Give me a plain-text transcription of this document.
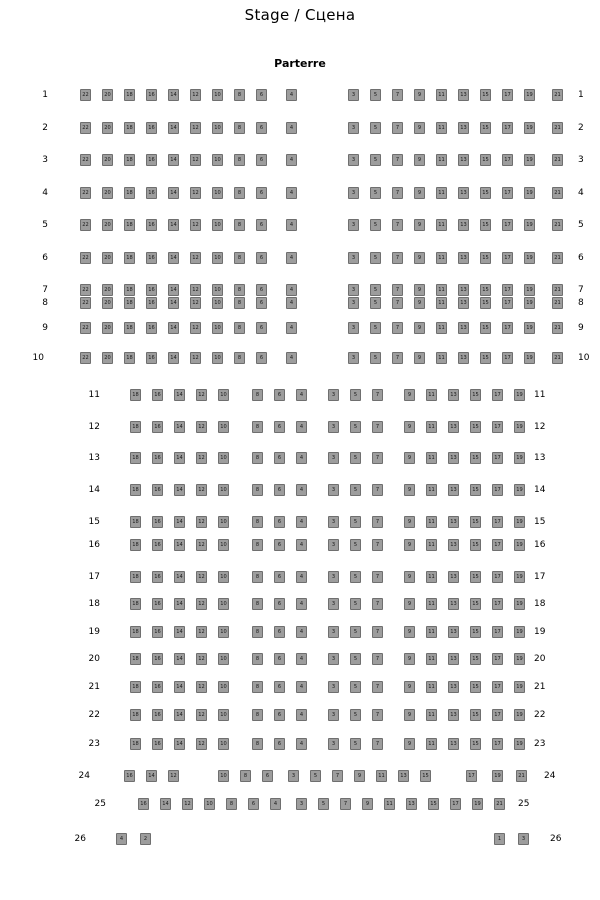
Stage / Сцена
Parterre
1	1
22	20	18	16	14	12	10	8	6	4	3	5	7	9	11	13	15	17	19	21
2	2
22	20	18	16	14	12	10	8	6	4	3	5	7	9	11	13	15	17	19	21
3	3
22	20	18	16	14	12	10	8	6	4	3	5	7	9	11	13	15	17	19	21
4	4
22	20	18	16	14	12	10	8	6	4	3	5	7	9	11	13	15	17	19	21
5	5
22	20	18	16	14	12	10	8	6	4	3	5	7	9	11	13	15	17	19	21
6	6
22	20	18	16	14	12	10	8	6	4	3	5	7	9	11	13	15	17	19	21
7	7
22	20	18	16	14	12	10	8	6	4	3	5	7	9	11	13	15	17	19	21
8	8
22	20	18	16	14	12	10	8	6	4	3	5	7	9	11	13	15	17	19	21
9	9
22	20	18	16	14	12	10	8	6	4	3	5	7	9	11	13	15	17	19	21
10	10
22	20	18	16	14	12	10	8	6	4	3	5	7	9	11	13	15	17	19	21
11	11
18	16	14	12	10	8	6	4	3	5	7	9	11	13	15	17	19
12	12
18	16	14	12	10	8	6	4	3	5	7	9	11	13	15	17	19
13	13
18	16	14	12	10	8	6	4	3	5	7	9	11	13	15	17	19
14	14
18	16	14	12	10	8	6	4	3	5	7	9	11	13	15	17	19
15	15
18	16	14	12	10	8	6	4	3	5	7	9	11	13	15	17	19
16	16
18	16	14	12	10	8	6	4	3	5	7	9	11	13	15	17	19
17	17
18	16	14	12	10	8	6	4	3	5	7	9	11	13	15	17	19
18	18
18	16	14	12	10	8	6	4	3	5	7	9	11	13	15	17	19
19	19
18	16	14	12	10	8	6	4	3	5	7	9	11	13	15	17	19
20	20
18	16	14	12	10	8	6	4	3	5	7	9	11	13	15	17	19
21	21
18	16	14	12	10	8	6	4	3	5	7	9	11	13	15	17	19
22	22
18	16	14	12	10	8	6	4	3	5	7	9	11	13	15	17	19
23	23
18	16	14	12	10	8	6	4	3	5	7	9	11	13	15	17	19
24	24
16	14	12	10	8	6	3	5	7	9	11	13	15	17	19	21
25	25
16	14	12	10	8	6	4	3	5	7	9	11	13	15	17	19	21
26	26
4	2	1	3
